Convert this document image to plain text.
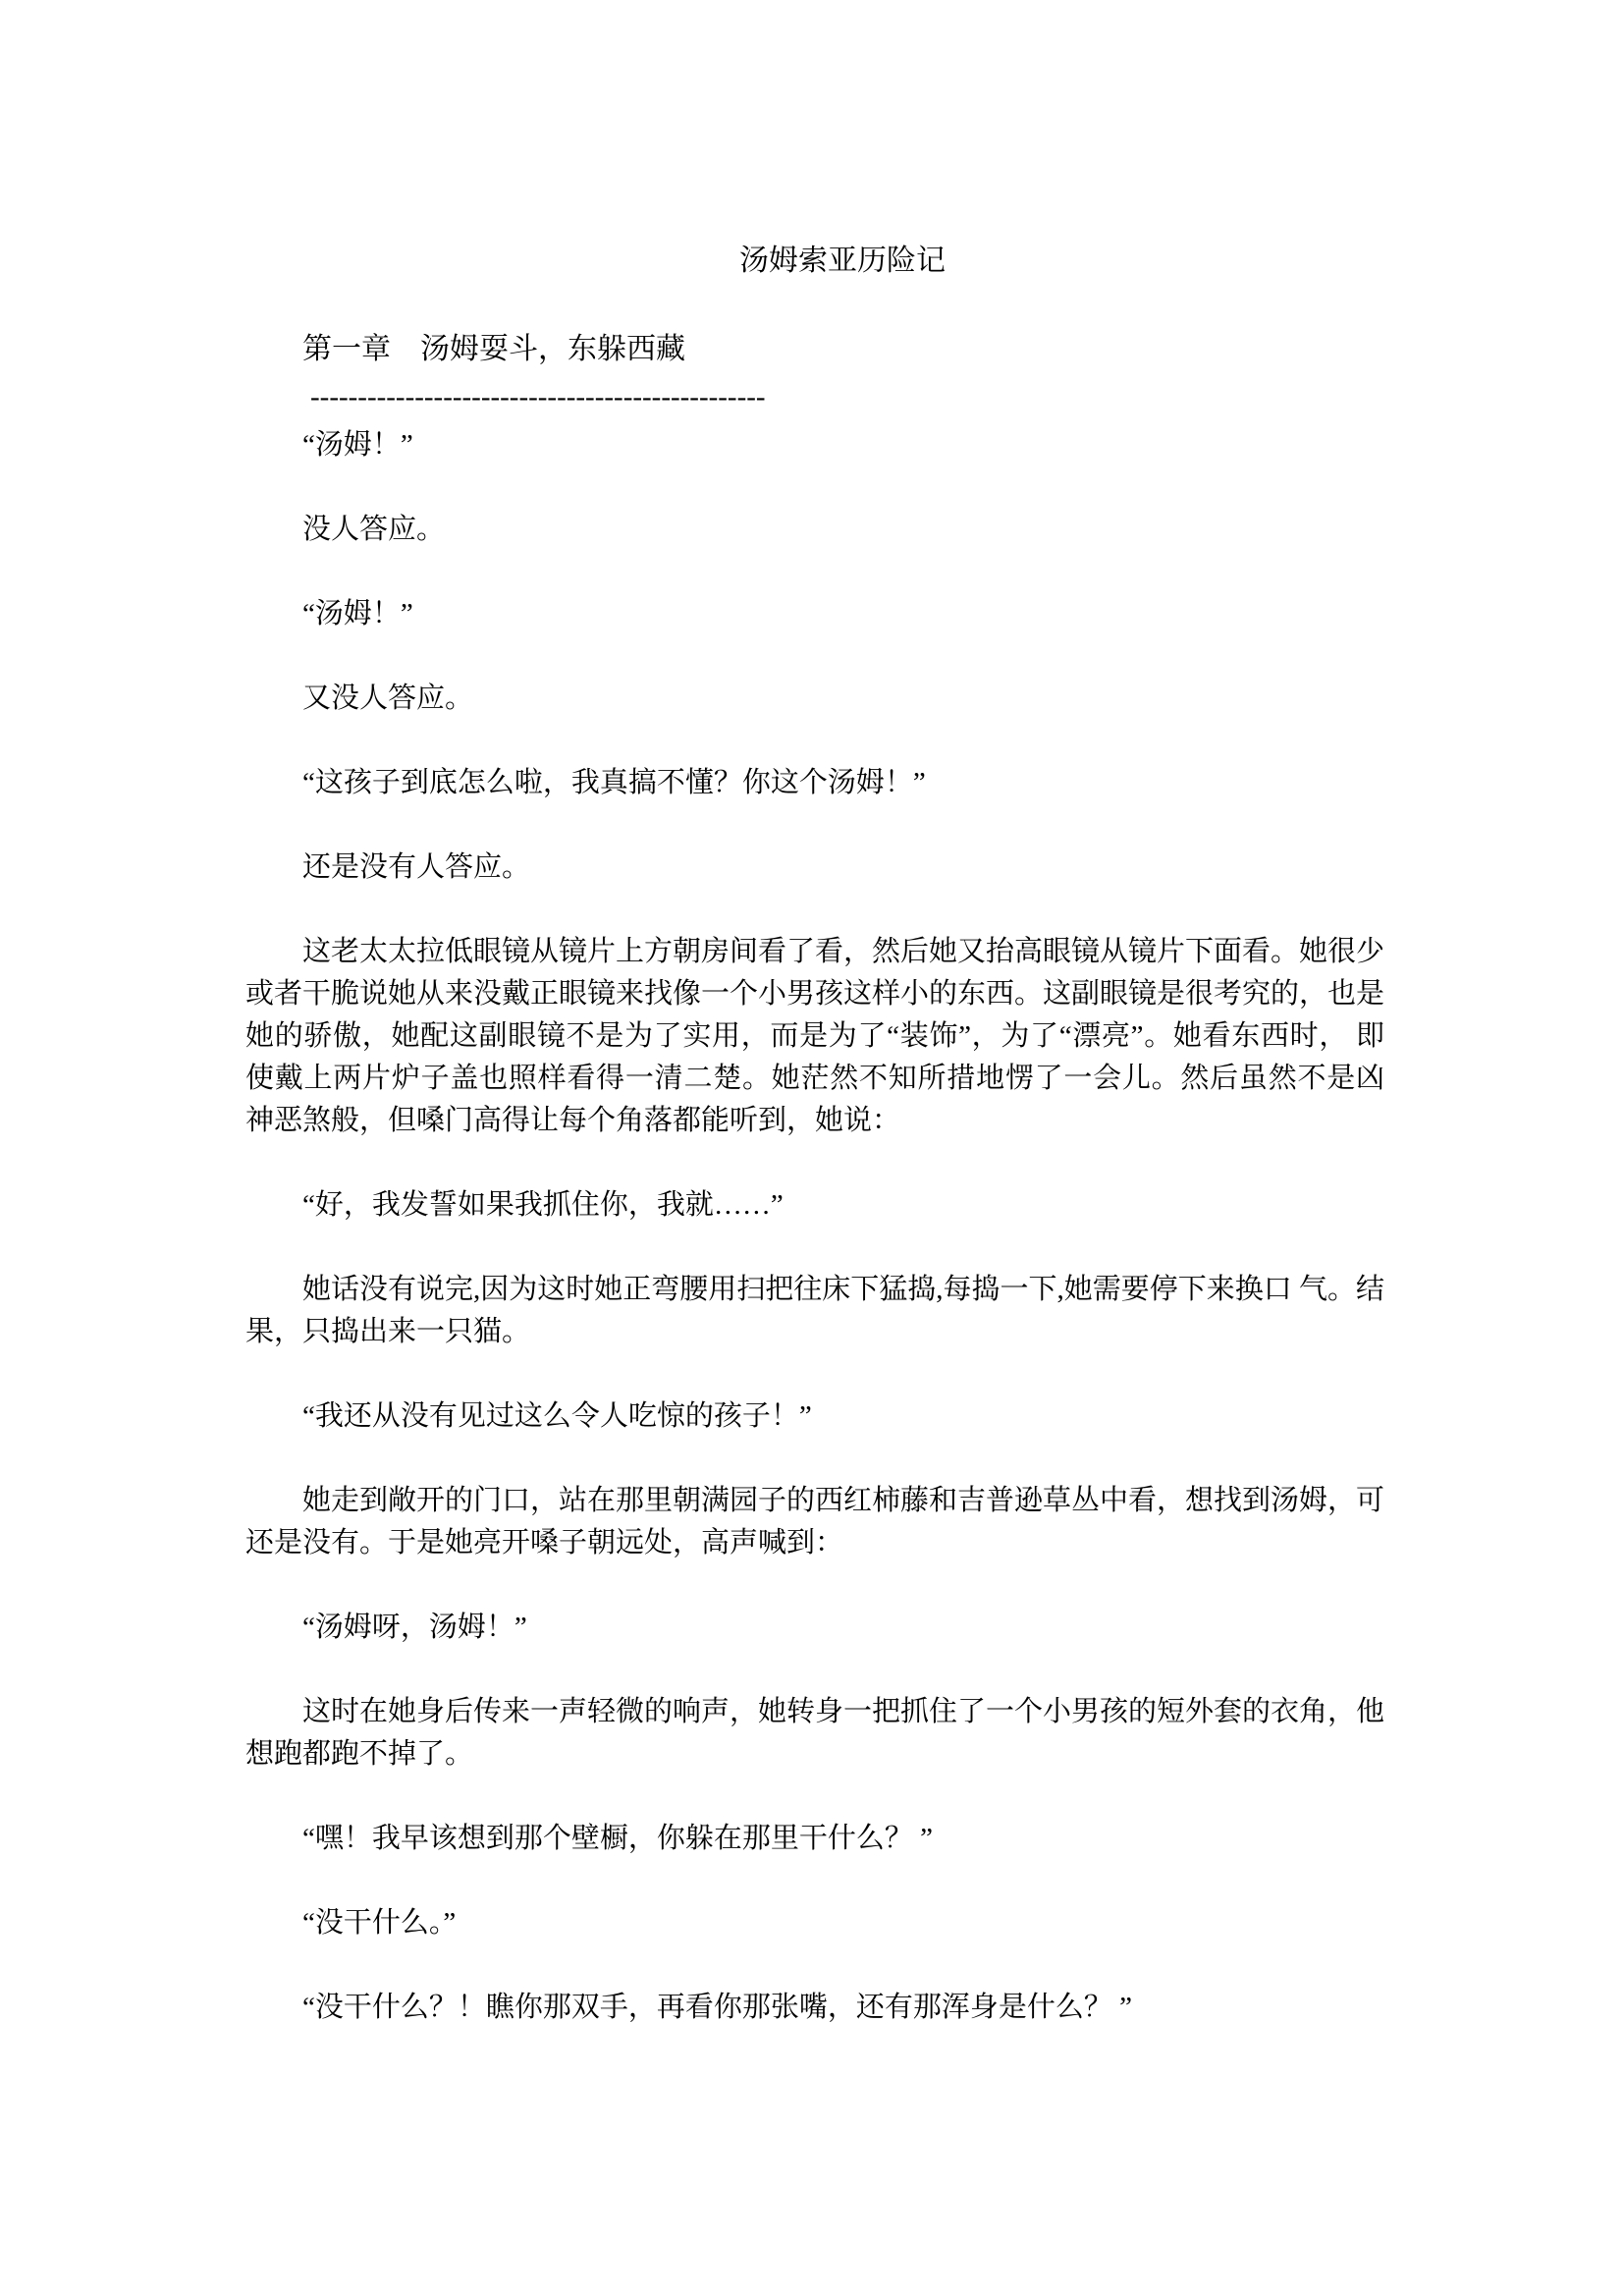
汤姆索亚历险记
第一章　汤姆耍斗，东躲西藏
------------------------------------------------

“汤姆！”

没人答应。

“汤姆！”

又没人答应。

“这孩子到底怎么啦，我真搞不懂？你这个汤姆！”

还是没有人答应。

这老太太拉低眼镜从镜片上方朝房间看了看，然后她又抬高眼镜从镜片下面看。她很少或者干脆说她从来没戴正眼镜来找像一个小男孩这样小的东西。这副眼镜是很考究的，也是她的骄傲，她配这副眼镜不是为了实用，而是为了“装饰”，为了“漂亮”。她看东西时， 即使戴上两片炉子盖也照样看得一清二楚。她茫然不知所措地愣了一会儿。然后虽然不是凶 神恶煞般，但嗓门高得让每个角落都能听到，她说：

“好，我发誓如果我抓住你，我就……”

她话没有说完,因为这时她正弯腰用扫把往床下猛捣,每捣一下,她需要停下来换口 气。结果，只捣出来一只猫。

“我还从没有见过这么令人吃惊的孩子！”

她走到敞开的门口，站在那里朝满园子的西红柿藤和吉普逊草丛中看，想找到汤姆，可还是没有。于是她亮开嗓子朝远处，高声喊到：

“汤姆呀，汤姆！”

这时在她身后传来一声轻微的响声，她转身一把抓住了一个小男孩的短外套的衣角，他想跑都跑不掉了。

“嘿！我早该想到那个壁橱，你躲在那里干什么？ ”

“没干什么。”

“没干什么？！瞧你那双手，再看你那张嘴，还有那浑身是什么？ ”
